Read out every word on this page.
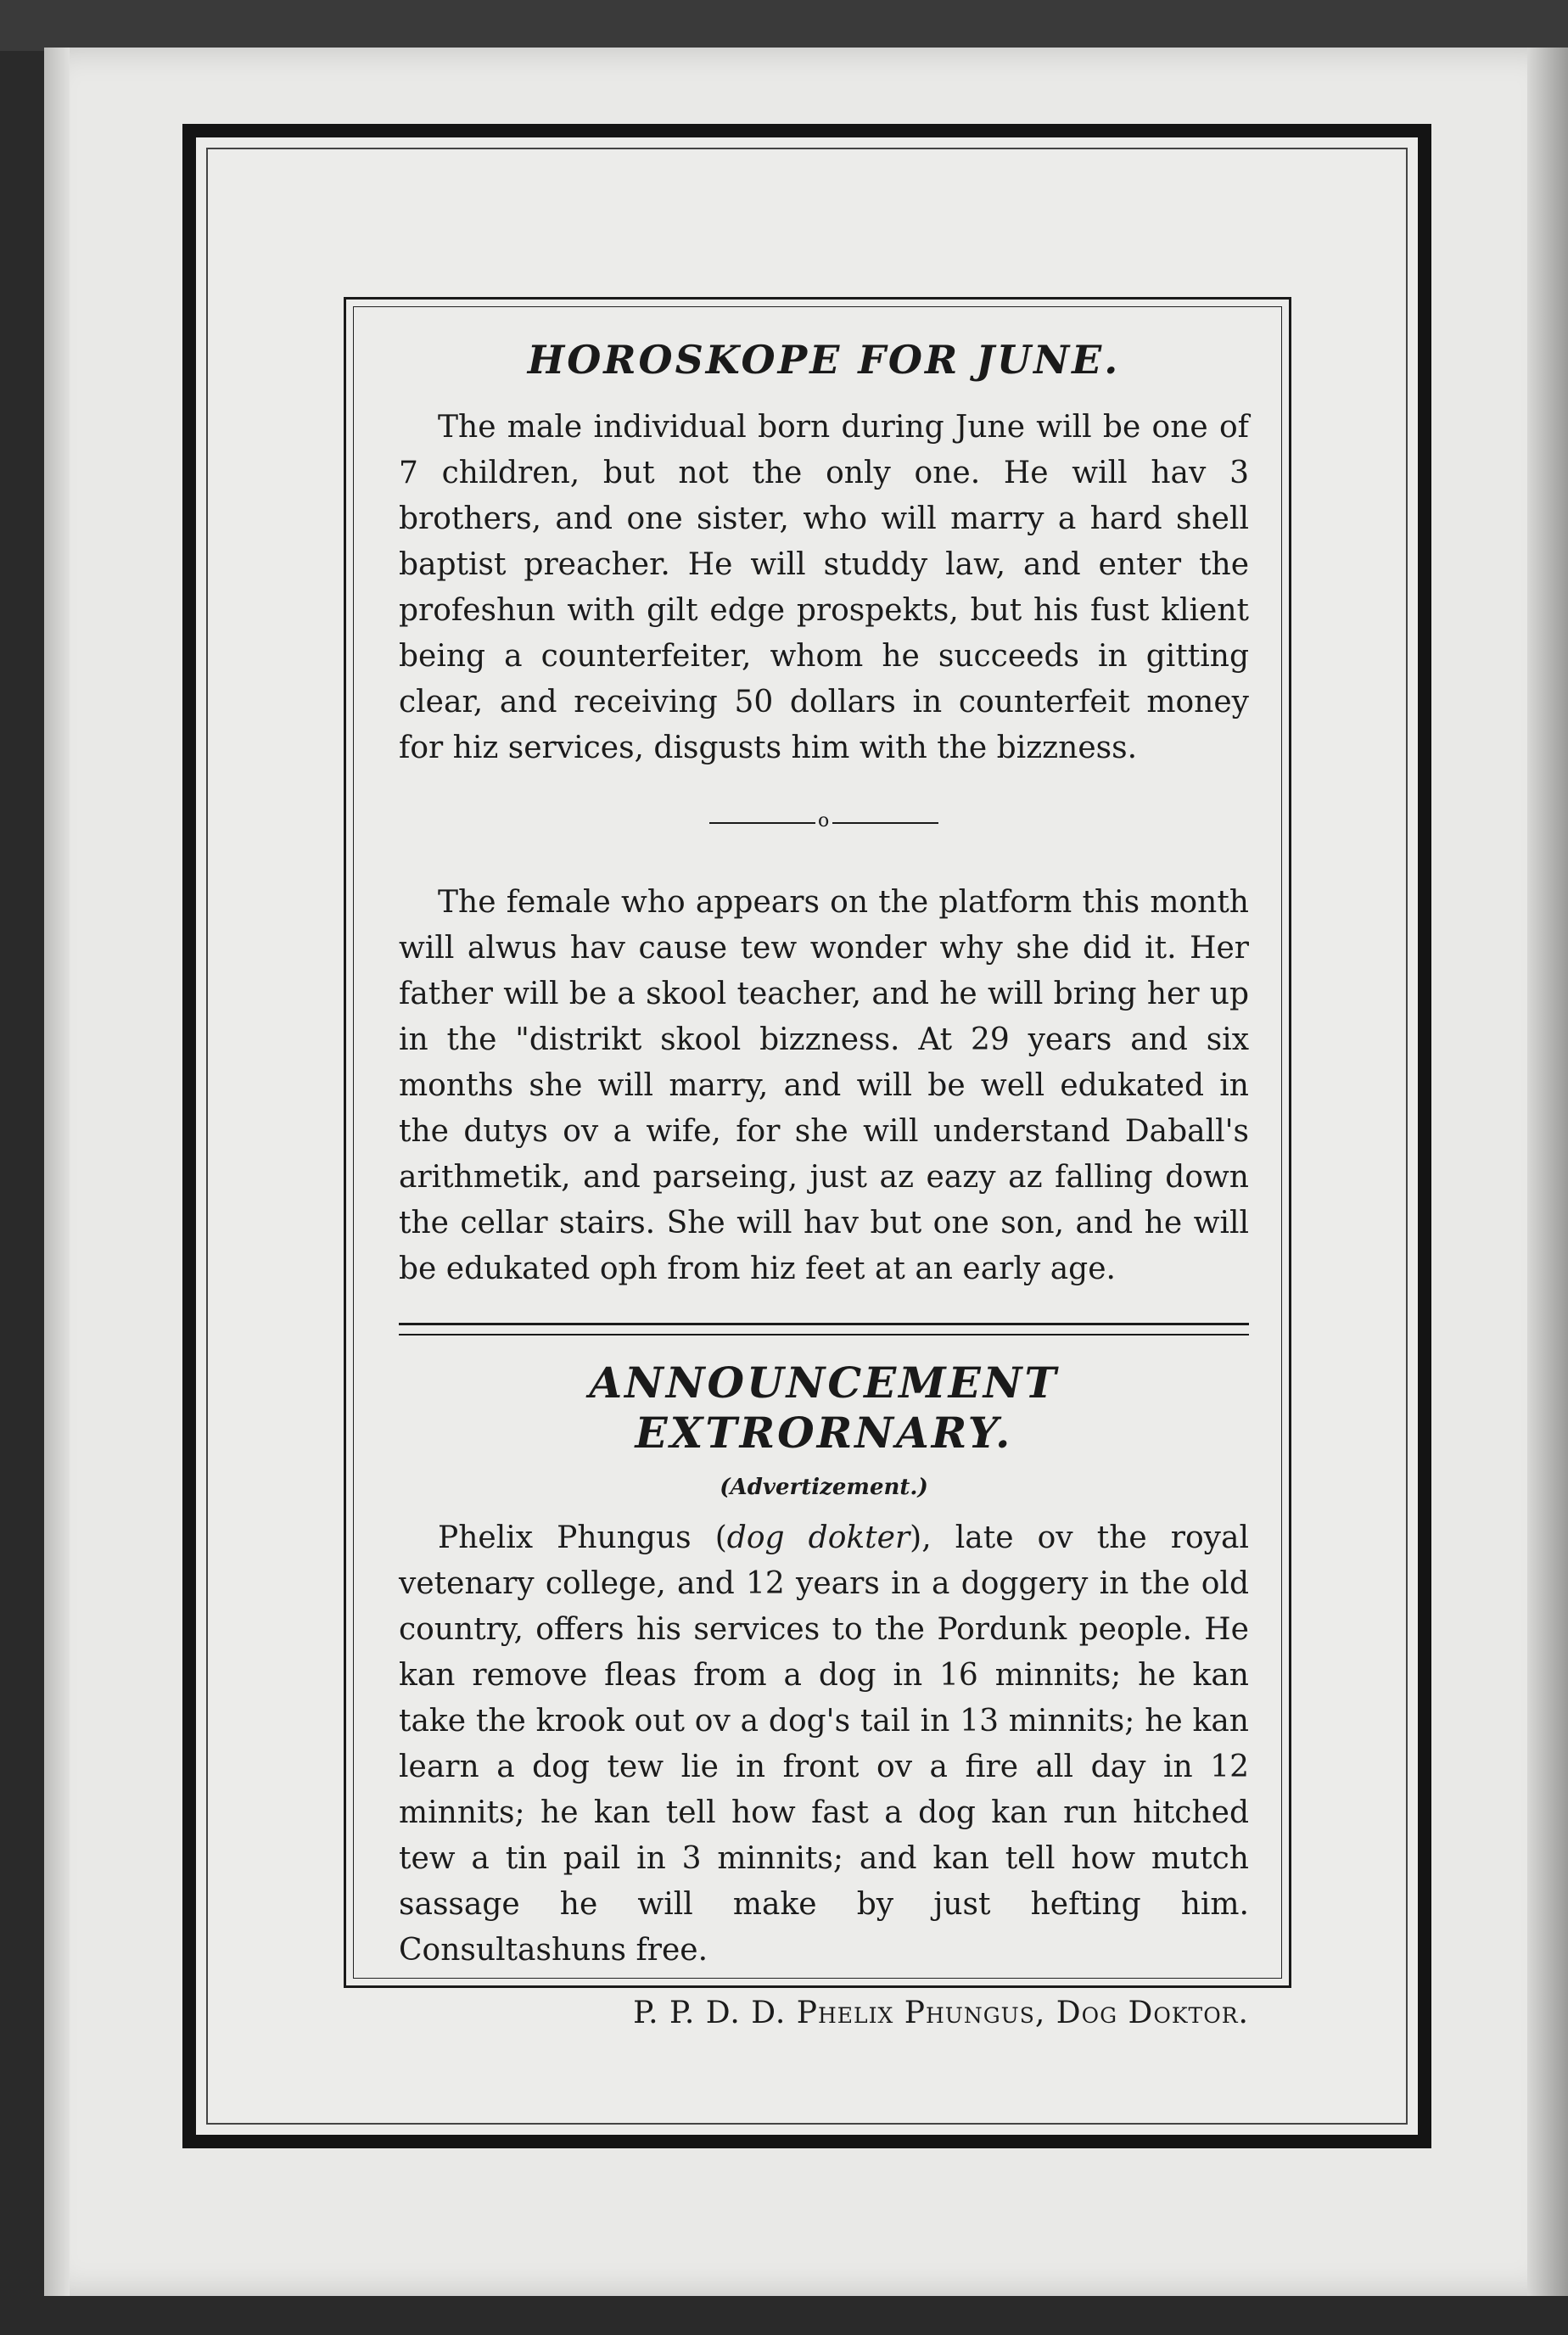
HOROSKOPE FOR JUNE.

The male individual born during June will be one of 7 children, but not the only one. He will hav 3 brothers, and one sister, who will marry a hard shell baptist preacher. He will studdy law, and enter the profeshun with gilt edge prospekts, but his fust klient being a counterfeiter, whom he succeeds in gitting clear, and receiving 50 dollars in counterfeit money for hiz services, disgusts him with the bizzness.

o

The female who appears on the platform this month will alwus hav cause tew wonder why she did it. Her father will be a skool teacher, and he will bring her up in the "distrikt skool bizzness. At 29 years and six months she will marry, and will be well edukated in the dutys ov a wife, for she will understand Daball's arithmetik, and parseing, just az eazy az falling down the cellar stairs. She will hav but one son, and he will be edukated oph from hiz feet at an early age.

ANNOUNCEMENT EXTRORNARY.
(Advertizement.)

Phelix Phungus (dog dokter), late ov the royal vetenary college, and 12 years in a doggery in the old country, offers his services to the Pordunk people. He kan remove fleas from a dog in 16 minnits; he kan take the krook out ov a dog's tail in 13 minnits; he kan learn a dog tew lie in front ov a fire all day in 12 minnits; he kan tell how fast a dog kan run hitched tew a tin pail in 3 minnits; and kan tell how mutch sassage he will make by just hefting him. Consultashuns free.

P. P. D. D. Phelix Phungus, Dog Doktor.
